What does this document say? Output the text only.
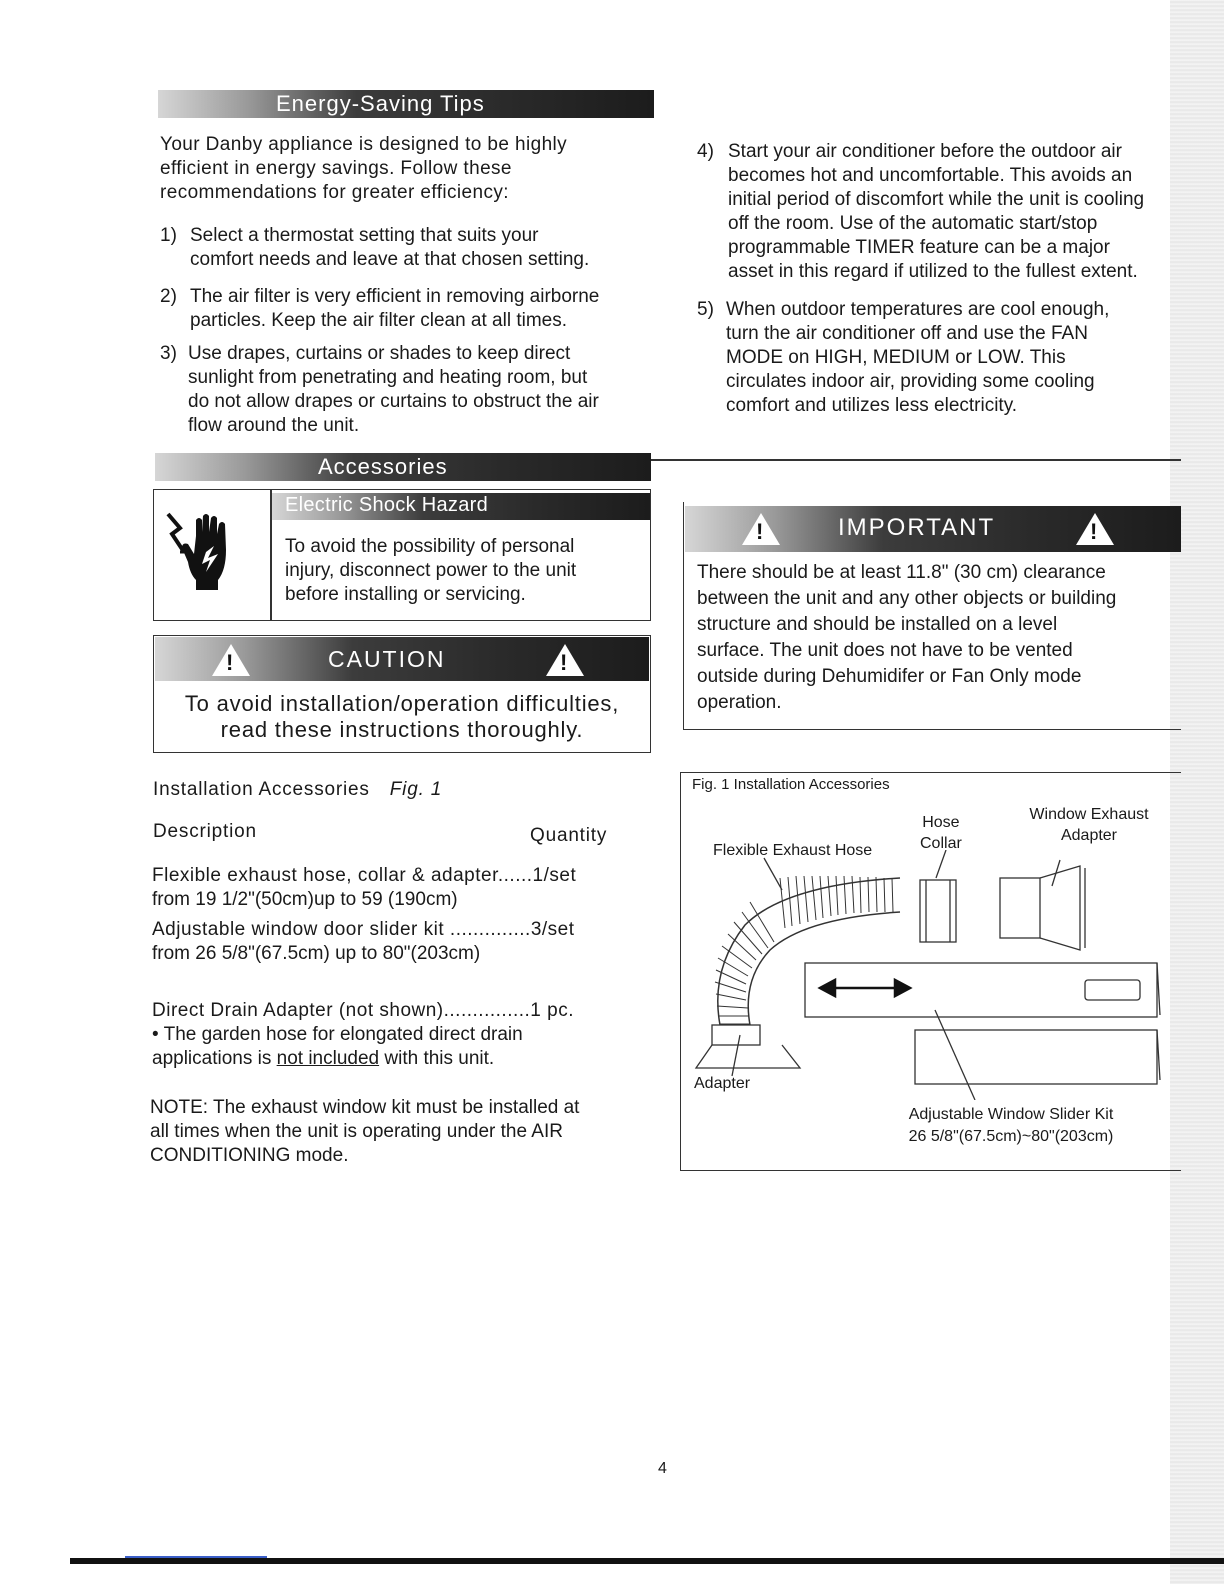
Energy-Saving Tips
Your Danby appliance is designed to be highly
efficient in energy savings. Follow these
recommendations for greater efficiency:
1) Select a thermostat setting that suits your
comfort needs and leave at that chosen setting.
2) The air filter is very efficient in removing airborne
particles. Keep the air filter clean at all times.
3) Use drapes, curtains or shades to keep direct
sunlight from penetrating and heating room, but
do not allow drapes or curtains to obstruct the air
flow around the unit.
4) Start your air conditioner before the outdoor air
becomes hot and uncomfortable. This avoids an
initial period of discomfort while the unit is cooling
off the room. Use of the automatic start/stop
programmable TIMER feature can be a major
asset in this regard if utilized to the fullest extent.
5) When outdoor temperatures are cool enough,
turn the air conditioner off and use the FAN
MODE on HIGH, MEDIUM or LOW. This
circulates indoor air, providing some cooling
comfort and utilizes less electricity.
Accessories
Electric Shock Hazard
To avoid the possibility of personal
injury, disconnect power to the unit
before installing or servicing.
CAUTION
!	!
To avoid installation/operation difficulties,
read these instructions thoroughly.
IMPORTANT
!	!
There should be at least 11.8" (30 cm) clearance
between the unit and any other objects or building
structure and should be installed on a level
surface. The unit does not have to be vented
outside during Dehumidifer or Fan Only mode
operation.
Installation Accessories Fig. 1
Description	Quantity
Flexible exhaust hose, collar & adapter......1/set
from 19 1/2"(50cm)up to 59 (190cm)
Adjustable window door slider kit ..............3/set
from 26 5/8"(67.5cm) up to 80"(203cm)
Direct Drain Adapter (not shown)...............1 pc.
• The garden hose for elongated direct drain
applications is not included with this unit.
NOTE: The exhaust window kit must be installed at
all times when the unit is operating under the AIR
CONDITIONING mode.
Fig. 1 Installation Accessories
Hose
Collar
Window Exhaust
Adapter
Flexible Exhaust Hose
Adapter
Adjustable Window Slider Kit
26 5/8"(67.5cm)~80"(203cm)
4
